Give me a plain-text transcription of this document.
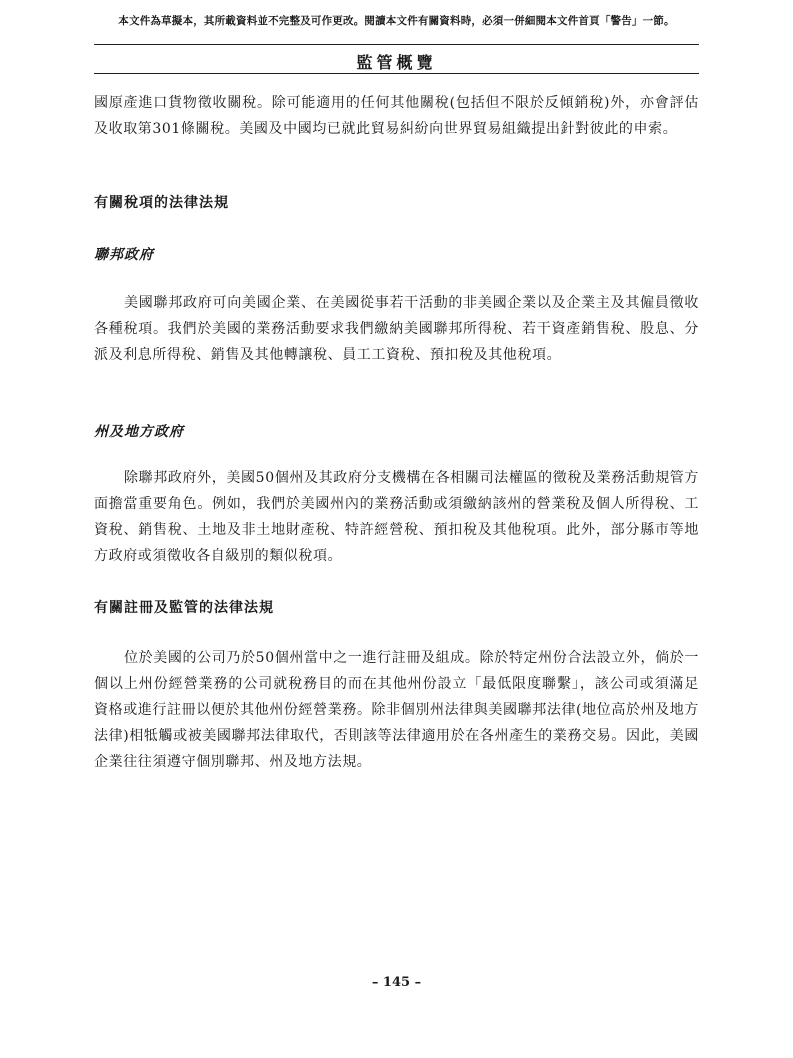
本文件為草擬本，其所載資料並不完整及可作更改。閱讀本文件有關資料時，必須一併細閱本文件首頁「警告」一節。
監管概覽

國原產進口貨物徵收關稅。除可能適用的任何其他關稅(包括但不限於反傾銷稅)外，亦會評估及收取第301條關稅。美國及中國均已就此貿易糾紛向世界貿易組織提出針對彼此的申索。

有關稅項的法律法規
聯邦政府

美國聯邦政府可向美國企業、在美國從事若干活動的非美國企業以及企業主及其僱員徵收各種稅項。我們於美國的業務活動要求我們繳納美國聯邦所得稅、若干資產銷售稅、股息、分派及利息所得稅、銷售及其他轉讓稅、員工工資稅、預扣稅及其他稅項。

州及地方政府

除聯邦政府外，美國50個州及其政府分支機構在各相關司法權區的徵稅及業務活動規管方面擔當重要角色。例如，我們於美國州內的業務活動或須繳納該州的營業稅及個人所得稅、工資稅、銷售稅、土地及非土地財產稅、特許經營稅、預扣稅及其他稅項。此外，部分縣市等地方政府或須徵收各自級別的類似稅項。

有關註冊及監管的法律法規

位於美國的公司乃於50個州當中之一進行註冊及組成。除於特定州份合法設立外，倘於一個以上州份經營業務的公司就稅務目的而在其他州份設立「最低限度聯繫」，該公司或須滿足資格或進行註冊以便於其他州份經營業務。除非個別州法律與美國聯邦法律(地位高於州及地方法律)相牴觸或被美國聯邦法律取代，否則該等法律適用於在各州產生的業務交易。因此，美國企業往往須遵守個別聯邦、州及地方法規。

– 145 –
